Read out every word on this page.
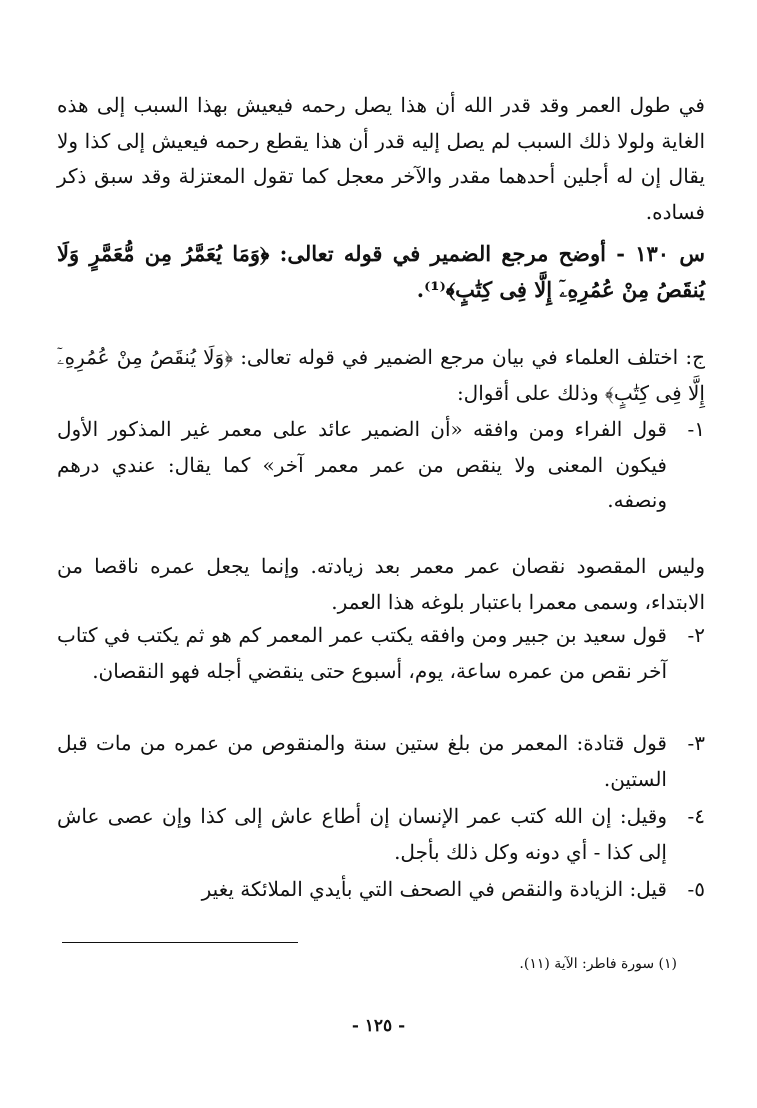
في طول العمر وقد قدر الله أن هذا يصل رحمه فيعيش بهذا السبب إلى هذه الغاية ولولا ذلك السبب لم يصل إليه قدر أن هذا يقطع رحمه فيعيش إلى كذا ولا يقال إن له أجلين أحدهما مقدر والآخر معجل كما تقول المعتزلة وقد سبق ذكر فساده.

س ١٣٠ - أوضح مرجع الضمير في قوله تعالى: ﴿وَمَا يُعَمَّرُ مِن مُّعَمَّرٍ وَلَا يُنقَصُ مِنْ عُمُرِهِۦٓ إِلَّا فِى كِتَٰبٍ﴾⁽¹⁾.

ج: اختلف العلماء في بيان مرجع الضمير في قوله تعالى: ﴿وَلَا يُنقَصُ مِنْ عُمُرِهِۦٓ إِلَّا فِى كِتَٰبٍ﴾ وذلك على أقوال:

١-
قول الفراء ومن وافقه «أن الضمير عائد على معمر غير المذكور الأول فيكون المعنى ولا ينقص من عمر معمر آخر» كما يقال: عندي درهم ونصفه.

وليس المقصود نقصان عمر معمر بعد زيادته. وإنما يجعل عمره ناقصا من الابتداء، وسمى معمرا باعتبار بلوغه هذا العمر.

٢-
قول سعيد بن جبير ومن وافقه يكتب عمر المعمر كم هو ثم يكتب في كتاب آخر نقص من عمره ساعة، يوم، أسبوع حتى ينقضي أجله فهو النقصان.
٣-
قول قتادة: المعمر من بلغ ستين سنة والمنقوص من عمره من مات قبل الستين.
٤-
وقيل: إن الله كتب عمر الإنسان إن أطاع عاش إلى كذا وإن عصى عاش إلى كذا - أي دونه وكل ذلك بأجل.
٥-
قيل: الزيادة والنقص في الصحف التي بأيدي الملائكة يغير
(١) سورة فاطر: الآية (١١).
- ١٢٥ -
